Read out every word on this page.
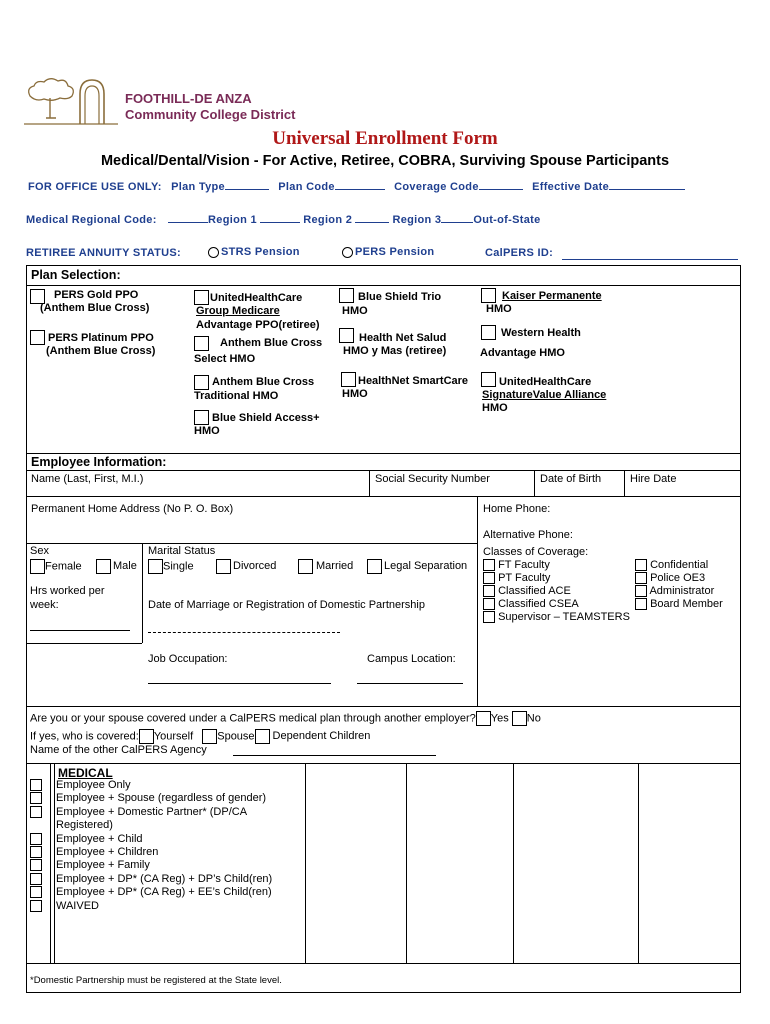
FOOTHILL-DE ANZA
Community College District
Universal Enrollment Form
Medical/Dental/Vision - For Active, Retiree, COBRA, Surviving Spouse Participants
FOR OFFICE USE ONLY: Plan Type	Plan Code	Coverage Code	Effective Date
Medical Regional Code:	Region 1	Region 2	Region 3	Out-of-State
RETIREE ANNUITY STATUS:	STRS Pension	PERS Pension	CalPERS ID:
Plan Selection:
PERS Gold PPO
(Anthem Blue Cross)
PERS Platinum PPO
(Anthem Blue Cross)
UnitedHealthCare
Group Medicare
Advantage PPO(retiree)
Anthem Blue Cross
Select HMO
Anthem Blue Cross
Traditional HMO
Blue Shield Access+
HMO
Blue Shield Trio
HMO
Health Net Salud
HMO y Mas (retiree)
HealthNet SmartCare
HMO
Kaiser Permanente
HMO
Western Health
Advantage HMO
UnitedHealthCare
SignatureValue Alliance
HMO
Employee Information:
Name (Last, First, M.I.)	Social Security Number	Date of Birth	Hire Date
Permanent Home Address (No P. O. Box)	Home Phone:
Alternative Phone:
Sex
Female	Male
Marital Status
Single	Divorced	Married	Legal Separation
Hrs worked per
week:	Date of Marriage or Registration of Domestic Partnership
Job Occupation:	Campus Location:
Classes of Coverage:
FT Faculty
PT Faculty
Classified ACE
Classified CSEA
Supervisor – TEAMSTERS
Confidential
Police OE3
Administrator
Board Member
Are you or your spouse covered under a CalPERS medical plan through another employer? Yes No
If yes, who is covered: Yourself Spouse Dependent Children
Name of the other CalPERS Agency
MEDICAL
Employee Only
Employee + Spouse (regardless of gender)
Employee + Domestic Partner* (DP/CA
Registered)
Employee + Child
Employee + Children
Employee + Family
Employee + DP* (CA Reg) + DP’s Child(ren)
Employee + DP* (CA Reg) + EE’s Child(ren)
WAIVED
*Domestic Partnership must be registered at the State level.
